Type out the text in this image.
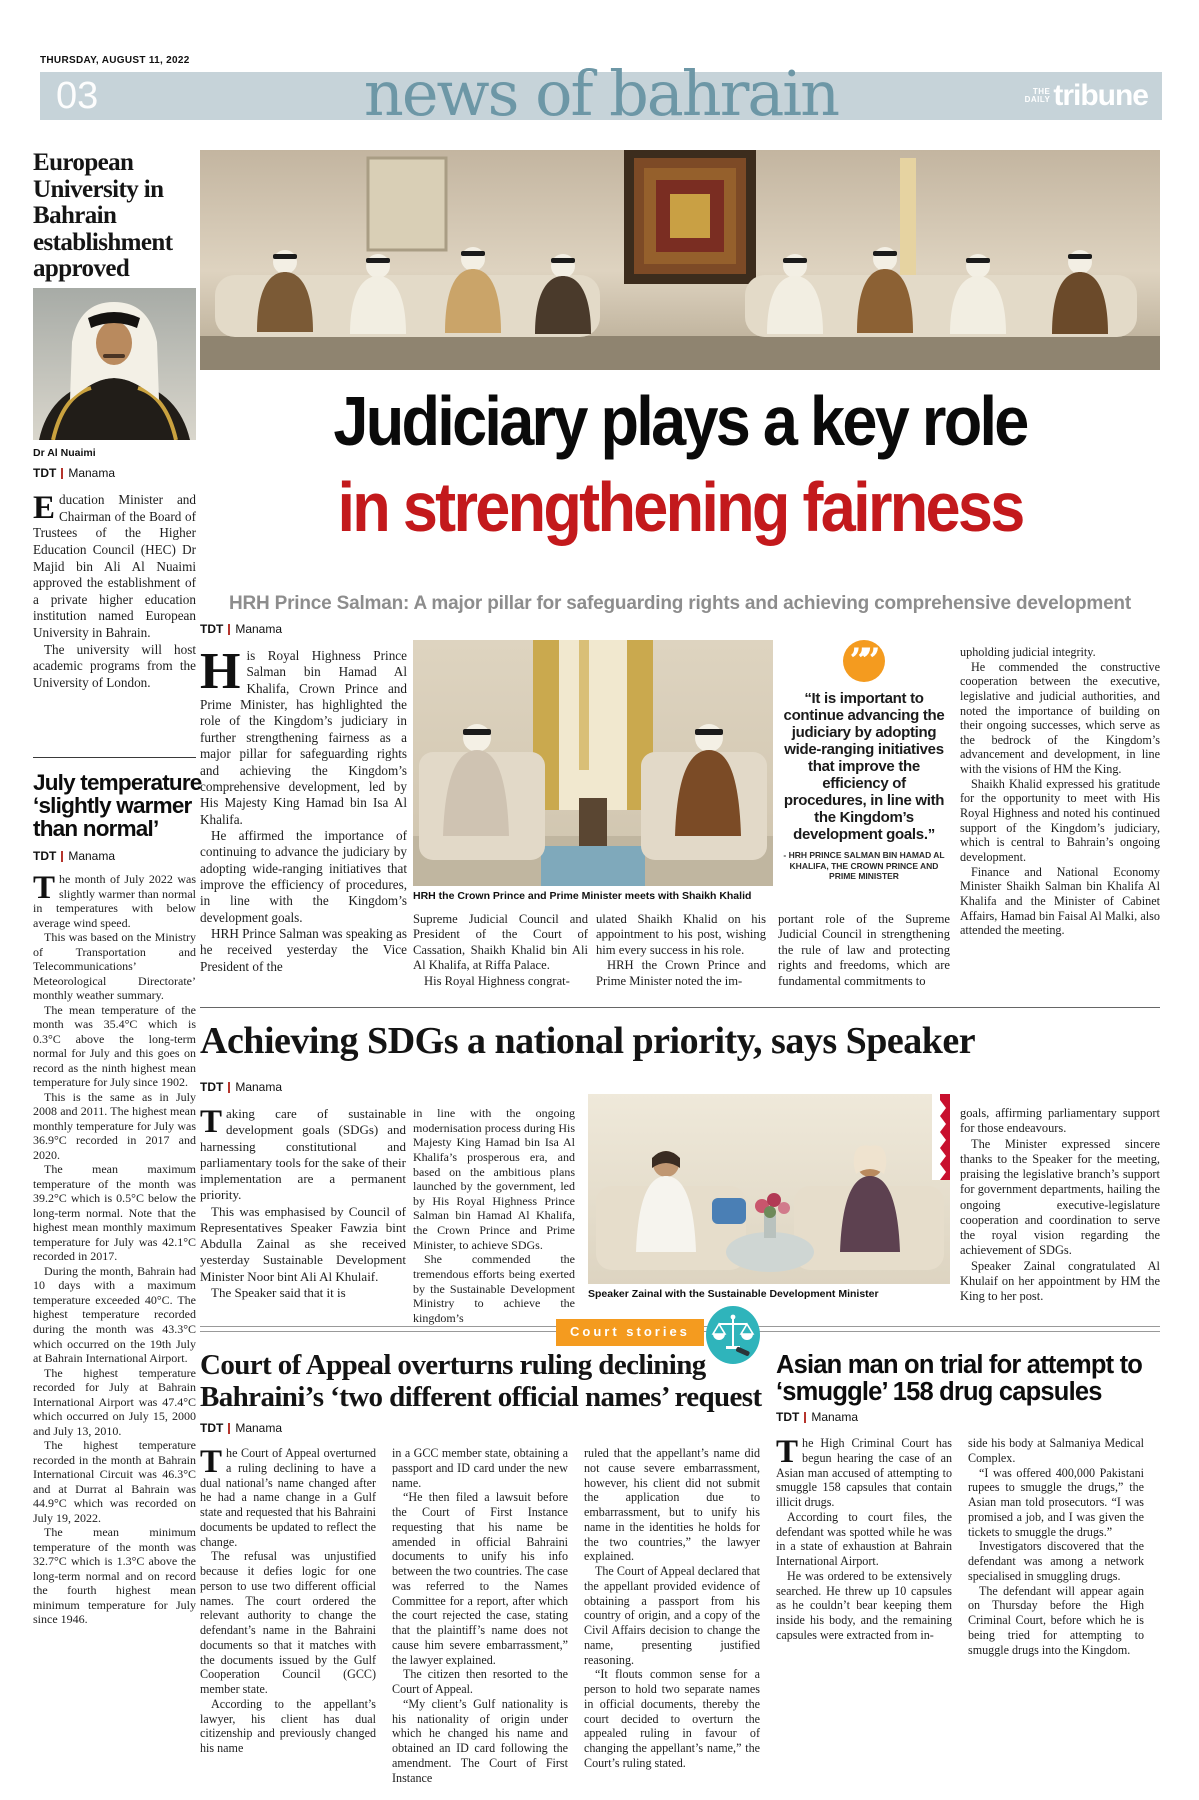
THURSDAY, AUGUST 11, 2022
03	news of bahrain	THE
DAILY tribune
European University in Bahrain establishment approved
Dr Al Nuaimi
TDT Manama

Education Minister and Chairman of the Board of Trustees of the Higher Education Council (HEC) Dr Majid bin Ali Al Nuaimi approved the establishment of a private higher education institution named European University in Bahrain.

The university will host academic programs from the University of London.

July temperature ‘slightly warmer than normal’
TDT Manama

The month of July 2022 was slightly warmer than normal in temperatures with below average wind speed.

This was based on the Ministry of Transportation and Telecommunications’ Meteorological Directorate’ monthly weather summary.

The mean temperature of the month was 35.4°C which is 0.3°C above the long-term normal for July and this goes on record as the ninth highest mean temperature for July since 1902.

This is the same as in July 2008 and 2011. The highest mean monthly temperature for July was 36.9°C recorded in 2017 and 2020.

The mean maximum temperature of the month was 39.2°C which is 0.5°C below the long-term normal. Note that the highest mean monthly maximum temperature for July was 42.1°C recorded in 2017.

During the month, Bahrain had 10 days with a maximum temperature exceeded 40°C. The highest temperature recorded during the month was 43.3°C which occurred on the 19th July at Bahrain International Airport.

The highest temperature recorded for July at Bahrain International Airport was 47.4°C which occurred on July 15, 2000 and July 13, 2010.

The highest temperature recorded in the month at Bahrain International Circuit was 46.3°C and at Durrat al Bahrain was 44.9°C which was recorded on July 19, 2022.

The mean minimum temperature of the month was 32.7°C which is 1.3°C above the long-term normal and on record the fourth highest mean minimum temperature for July since 1946.

Judiciary plays a key role
in strengthening fairness
HRH Prince Salman: A major pillar for safeguarding rights and achieving comprehensive development
TDT Manama

His Royal Highness Prince Salman bin Hamad Al Khalifa, Crown Prince and Prime Minister, has highlighted the role of the Kingdom’s judiciary in further strengthening fairness as a major pillar for safeguarding rights and achieving the Kingdom’s comprehensive development, led by His Majesty King Hamad bin Isa Al Khalifa.

He affirmed the importance of continuing to advance the judiciary by adopting wide-ranging initiatives that improve the efficiency of procedures, in line with the Kingdom’s development goals.

HRH Prince Salman was speaking as he received yesterday the Vice President of the

HRH the Crown Prince and Prime Minister meets with Shaikh Khalid

Supreme Judicial Council and President of the Court of Cassation, Shaikh Khalid bin Ali Al Khalifa, at Riffa Palace.

His Royal Highness congrat-

ulated Shaikh Khalid on his appointment to his post, wishing him every success in his role.

HRH the Crown Prince and Prime Minister noted the im-

portant role of the Supreme Judicial Council in strengthening the rule of law and protecting rights and freedoms, which are fundamental commitments to

””
“It is important to continue advancing the judiciary by adopting wide-ranging initiatives that improve the efficiency of procedures, in line with the Kingdom’s development goals.”
- HRH PRINCE SALMAN BIN HAMAD AL KHALIFA, THE CROWN PRINCE AND PRIME MINISTER

upholding judicial integrity.

He commended the constructive cooperation between the executive, legislative and judicial authorities, and noted the importance of building on their ongoing successes, which serve as the bedrock of the Kingdom’s advancement and development, in line with the visions of HM the King.

Shaikh Khalid expressed his gratitude for the opportunity to meet with His Royal Highness and noted his continued support of the Kingdom’s judiciary, which is central to Bahrain’s ongoing development.

Finance and National Economy Minister Shaikh Salman bin Khalifa Al Khalifa and the Minister of Cabinet Affairs, Hamad bin Faisal Al Malki, also attended the meeting.

Achieving SDGs a national priority, says Speaker
TDT Manama

Taking care of sustainable development goals (SDGs) and harnessing constitutional and parliamentary tools for the sake of their implementation are a permanent priority.

This was emphasised by Council of Representatives Speaker Fawzia bint Abdulla Zainal as she received yesterday Sustainable Development Minister Noor bint Ali Al Khulaif.

The Speaker said that it is

in line with the ongoing modernisation process during His Majesty King Hamad bin Isa Al Khalifa’s prosperous era, and based on the ambitious plans launched by the government, led by His Royal Highness Prince Salman bin Hamad Al Khalifa, the Crown Prince and Prime Minister, to achieve SDGs.

She commended the tremendous efforts being exerted by the Sustainable Development Ministry to achieve the kingdom’s

Speaker Zainal with the Sustainable Development Minister

goals, affirming parliamentary support for those endeavours.

The Minister expressed sincere thanks to the Speaker for the meeting, praising the legislative branch’s support for government departments, hailing the ongoing executive-legislature cooperation and coordination to serve the royal vision regarding the achievement of SDGs.

Speaker Zainal congratulated Al Khulaif on her appointment by HM the King to her post.

Court stories
Court of Appeal overturns ruling declining Bahraini’s ‘two different official names’ request
TDT Manama

The Court of Appeal overturned a ruling declining to have a dual national’s name changed after he had a name change in a Gulf state and requested that his Bahraini documents be updated to reflect the change.

The refusal was unjustified because it defies logic for one person to use two different official names. The court ordered the relevant authority to change the defendant’s name in the Bahraini documents so that it matches with the documents issued by the Gulf Cooperation Council (GCC) member state.

According to the appellant’s lawyer, his client has dual citizenship and previously changed his name

in a GCC member state, obtaining a passport and ID card under the new name.

“He then filed a lawsuit before the Court of First Instance requesting that his name be amended in official Bahraini documents to unify his info between the two countries. The case was referred to the Names Committee for a report, after which the court rejected the case, stating that the plaintiff’s name does not cause him severe embarrassment,” the lawyer explained.

The citizen then resorted to the Court of Appeal.

“My client’s Gulf nationality is his nationality of origin under which he changed his name and obtained an ID card following the amendment. The Court of First Instance

ruled that the appellant’s name did not cause severe embarrassment, however, his client did not submit the application due to embarrassment, but to unify his name in the identities he holds for the two countries,” the lawyer explained.

The Court of Appeal declared that the appellant provided evidence of obtaining a passport from his country of origin, and a copy of the Civil Affairs decision to change the name, presenting justified reasoning.

“It flouts common sense for a person to hold two separate names in official documents, thereby the court decided to overturn the appealed ruling in favour of changing the appellant’s name,” the Court’s ruling stated.

Asian man on trial for attempt to ‘smuggle’ 158 drug capsules
TDT Manama

The High Criminal Court has begun hearing the case of an Asian man accused of attempting to smuggle 158 capsules that contain illicit drugs.

According to court files, the defendant was spotted while he was in a state of exhaustion at Bahrain International Airport.

He was ordered to be extensively searched. He threw up 10 capsules as he couldn’t bear keeping them inside his body, and the remaining capsules were extracted from in-

side his body at Salmaniya Medical Complex.

“I was offered 400,000 Pakistani rupees to smuggle the drugs,” the Asian man told prosecutors. “I was promised a job, and I was given the tickets to smuggle the drugs.”

Investigators discovered that the defendant was among a network specialised in smuggling drugs.

The defendant will appear again on Thursday before the High Criminal Court, before which he is being tried for attempting to smuggle drugs into the Kingdom.
